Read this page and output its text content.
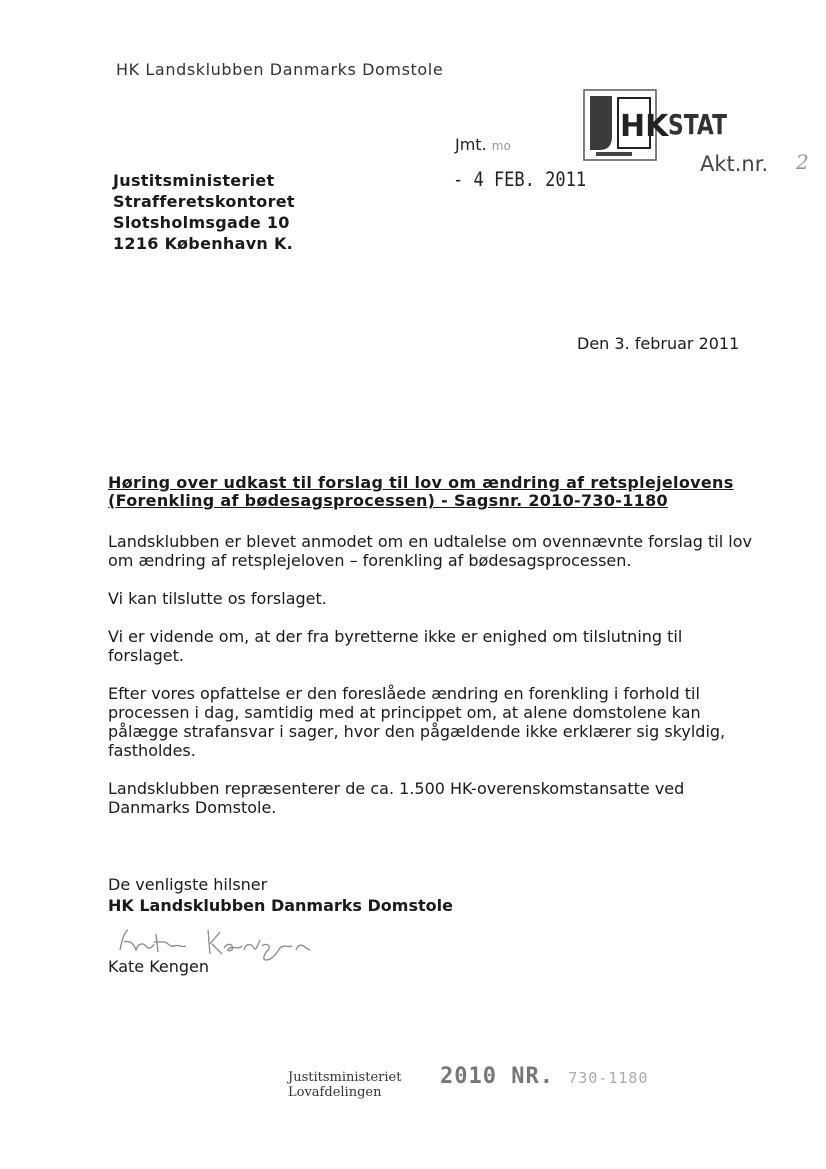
HK Landsklubben Danmarks Domstole
Justitsministeriet
Strafferetskontoret
Slotsholmsgade 10
1216 København K.
Jmt. mo
- 4 FEB. 2011
HK STAT
Akt.nr. 2
Den 3. februar 2011
Høring over udkast til forslag til lov om ændring af retsplejelovens
(Forenkling af bødesagsprocessen) - Sagsnr. 2010-730-1180

Landsklubben er blevet anmodet om en udtalelse om ovennævnte forslag til lov om ændring af retsplejeloven – forenkling af bødesagsprocessen.

Vi kan tilslutte os forslaget.

Vi er vidende om, at der fra byretterne ikke er enighed om tilslutning til forslaget.

Efter vores opfattelse er den foreslåede ændring en forenkling i forhold til processen i dag, samtidig med at princippet om, at alene domstolene kan pålægge strafansvar i sager, hvor den pågældende ikke erklærer sig skyldig, fastholdes.

Landsklubben repræsenterer de ca. 1.500 HK-overenskomstansatte ved Danmarks Domstole.

De venligste hilsner
HK Landsklubben Danmarks Domstole
Kate Kengen
Justitsministeriet
Lovafdelingen
2010 NR. 730-1180
